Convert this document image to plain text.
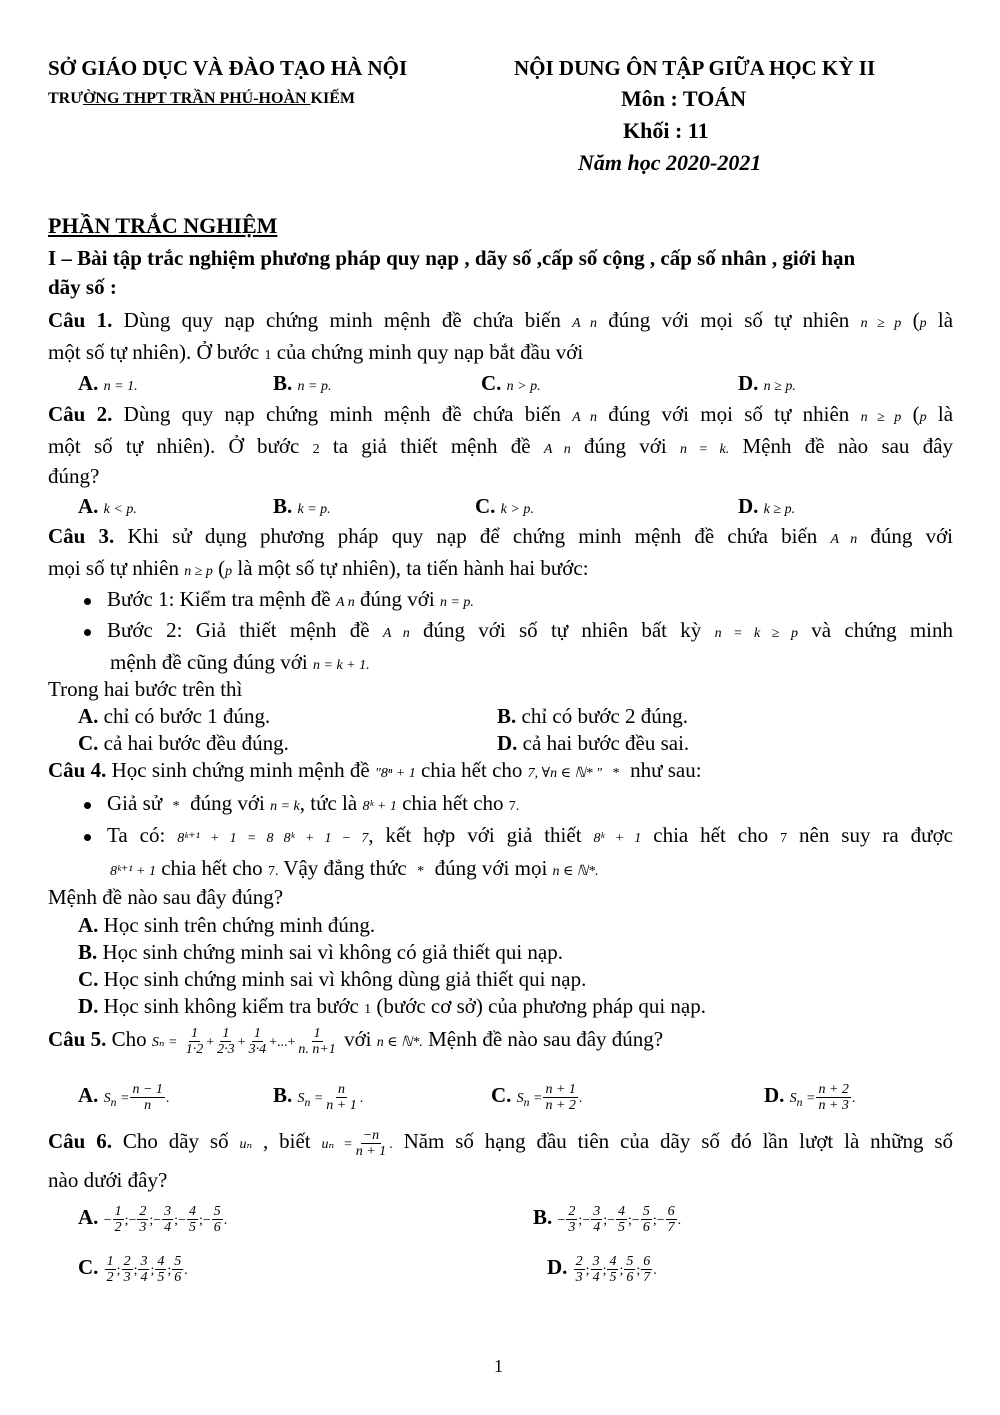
SỞ GIÁO DỤC VÀ ĐÀO TẠO HÀ NỘI
TRƯỜNG THPT TRẦN PHÚ-HOÀN KIẾM
NỘI DUNG ÔN TẬP GIỮA HỌC KỲ II
Môn : TOÁN
Khối : 11
Năm học 2020-2021
PHẦN TRẮC NGHIỆM
I – Bài tập trắc nghiệm phương pháp quy nạp , dãy số ,cấp số cộng , cấp số nhân , giới hạn
dãy số :
Câu 1. Dùng quy nạp chứng minh mệnh đề chứa biến A n đúng với mọi số tự nhiên n ≥ p (p là
một số tự nhiên). Ở bước 1 của chứng minh quy nạp bắt đầu với
A. n = 1.	B. n = p.	C. n > p.	D. n ≥ p.
Câu 2. Dùng quy nạp chứng minh mệnh đề chứa biến A n đúng với mọi số tự nhiên n ≥ p (p là
một số tự nhiên). Ở bước 2 ta giả thiết mệnh đề A n đúng với n = k. Mệnh đề nào sau đây
đúng?
A. k < p.	B. k = p.	C. k > p.	D. k ≥ p.
Câu 3. Khi sử dụng phương pháp quy nạp để chứng minh mệnh đề chứa biến A n đúng với
mọi số tự nhiên n ≥ p (p là một số tự nhiên), ta tiến hành hai bước:
Bước 1: Kiểm tra mệnh đề A n đúng với n = p.
Bước 2: Giả thiết mệnh đề A n đúng với số tự nhiên bất kỳ n = k ≥ p và chứng minh
mệnh đề cũng đúng với n = k + 1.
Trong hai bước trên thì
A. chỉ có bước 1 đúng.	B. chỉ có bước 2 đúng.
C. cả hai bước đều đúng.	D. cả hai bước đều sai.
Câu 4. Học sinh chứng minh mệnh đề "8ⁿ + 1 chia hết cho 7, ∀n ∈ ℕ* " * như sau:
Giả sử * đúng với n = k, tức là 8ᵏ + 1 chia hết cho 7.
Ta có: 8ᵏ⁺¹ + 1 = 8 8ᵏ + 1 − 7, kết hợp với giả thiết 8ᵏ + 1 chia hết cho 7 nên suy ra được
8ᵏ⁺¹ + 1 chia hết cho 7. Vậy đẳng thức * đúng với mọi n ∈ ℕ*.
Mệnh đề nào sau đây đúng?
A. Học sinh trên chứng minh đúng.
B. Học sinh chứng minh sai vì không có giả thiết qui nạp.
C. Học sinh chứng minh sai vì không dùng giả thiết qui nạp.
D. Học sinh không kiểm tra bước 1 (bước cơ sở) của phương pháp qui nạp.
Câu 5. Cho $S_n = \frac{1}{1\cdot 2} + \frac{1}{2\cdot 3} + \frac{1}{3\cdot 4}$ +...+ $\frac{1}{n. n+1}$ với n ∈ ℕ*. Mệnh đề nào sau đây đúng?
A. $S_n = \frac{n - 1}{n}$ .	B. $S_n = \frac{n}{n + 1}$ .	C. $S_n = \frac{n + 1}{n + 2}$ .	D. $S_n = \frac{n + 2}{n + 3}$ .
Câu 6. Cho dãy số uₙ , biết $u_n = \frac{-n}{n + 1}$ . Năm số hạng đầu tiên của dãy số đó lần lượt là những số
nào dưới đây?
A. − $\frac{1}{2}$ ;− $\frac{2}{3}$ ;− $\frac{3}{4}$ ;− $\frac{4}{5}$ ;− $\frac{5}{6}$ .	B. − $\frac{2}{3}$ ;− $\frac{3}{4}$ ;− $\frac{4}{5}$ ;− $\frac{5}{6}$ ;− $\frac{6}{7}$ .
C. $\frac{1}{2}$ ; $\frac{2}{3}$ ; $\frac{3}{4}$ ; $\frac{4}{5}$ ; $\frac{5}{6}$ .	D. $\frac{2}{3}$ ; $\frac{3}{4}$ ; $\frac{4}{5}$ ; $\frac{5}{6}$ ; $\frac{6}{7}$ .
1
